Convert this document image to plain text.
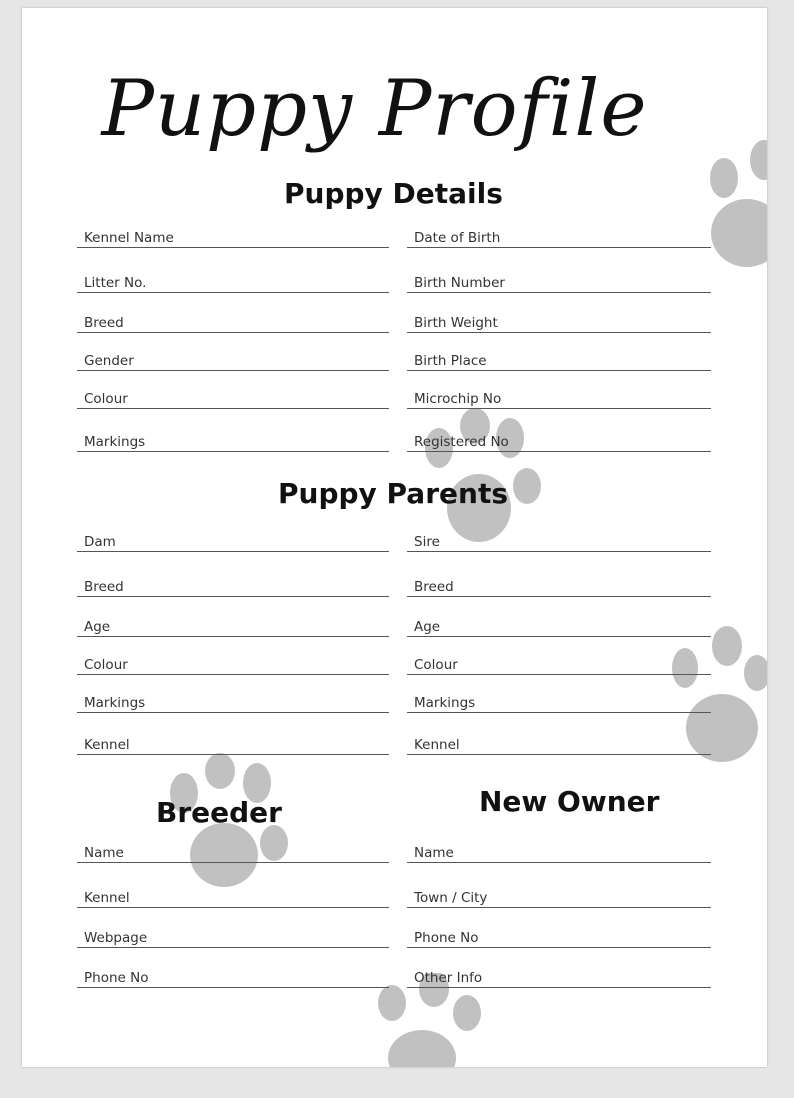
Puppy Profile
Puppy Details
Kennel Name	Date of Birth
Litter No.	Birth Number
Breed	Birth Weight
Gender	Birth Place
Colour	Microchip No
Markings	Registered No
Puppy Parents
Dam	Sire
Breed	Breed
Age	Age
Colour	Colour
Markings	Markings
Kennel	Kennel
Breeder	New Owner
Name	Name
Kennel	Town / City
Webpage	Phone No
Phone No	Other Info
